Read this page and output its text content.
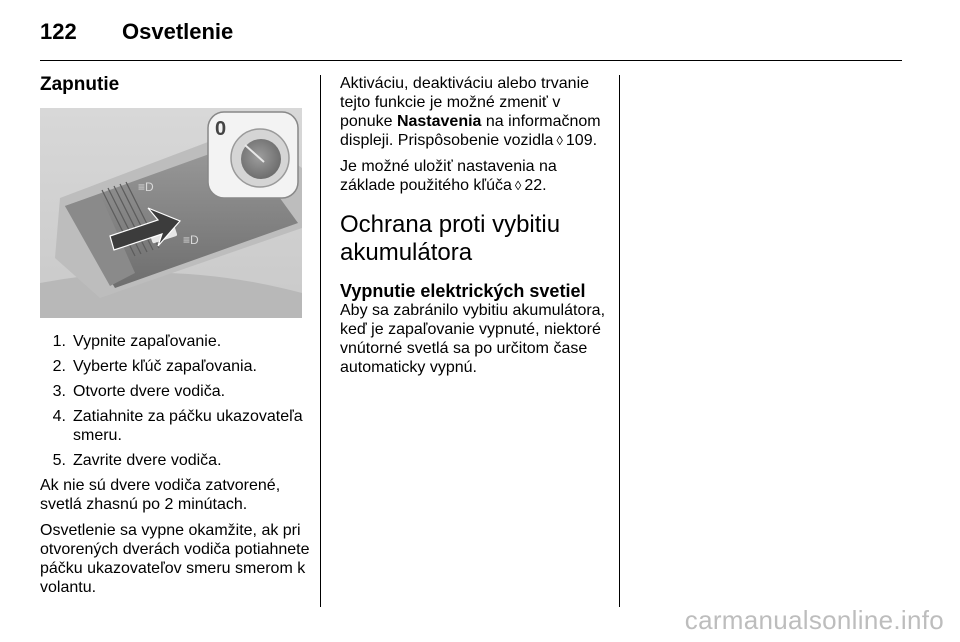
122 Osvetlenie
Zapnutie
≡D
≡D
0
1. Vypnite zapaľovanie.
2. Vyberte kľúč zapaľovania.
3. Otvorte dvere vodiča.
4. Zatiahnite za páčku ukazovateľa smeru.
5. Zavrite dvere vodiča.

Ak nie sú dvere vodiča zatvorené, svetlá zhasnú po 2 minútach.

Osvetlenie sa vypne okamžite, ak pri otvorených dverách vodiča potiahnete páčku ukazovateľov smeru smerom k volantu.

Aktiváciu, deaktiváciu alebo trvanie tejto funkcie je možné zmeniť v ponuke Nastavenia na informačnom displeji. Prispôsobenie vozidla ◊ 109.

Je možné uložiť nastavenia na základe použitého kľúča ◊ 22.

Ochrana proti vybitiu akumulátora
Vypnutie elektrických svetiel

Aby sa zabránilo vybitiu akumulátora, keď je zapaľovanie vypnuté, niektoré vnútorné svetlá sa po určitom čase automaticky vypnú.

carmanualsonline.info
